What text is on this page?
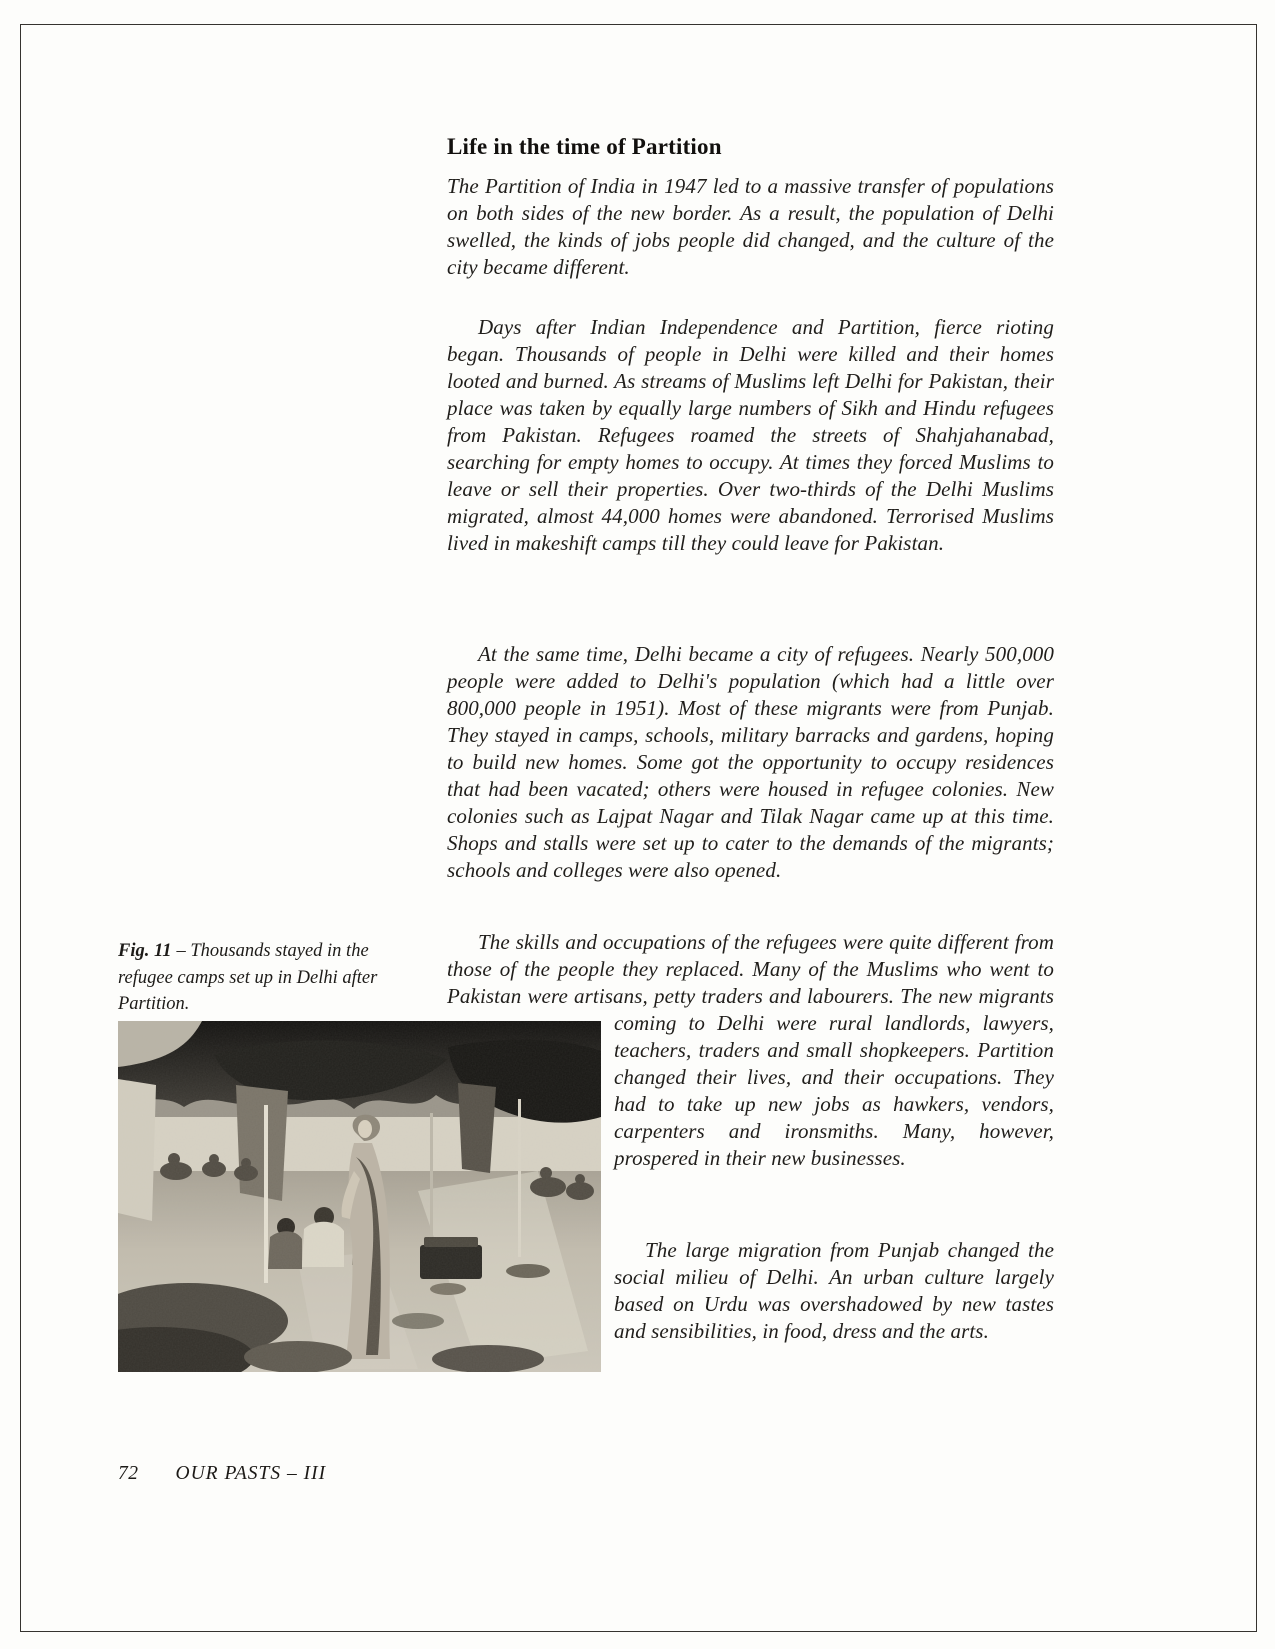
Life in the time of Partition

The Partition of India in 1947 led to a massive transfer of populations on both sides of the new border. As a result, the population of Delhi swelled, the kinds of jobs people did changed, and the culture of the city became different.

Days after Indian Independence and Partition, fierce rioting began. Thousands of people in Delhi were killed and their homes looted and burned. As streams of Muslims left Delhi for Pakistan, their place was taken by equally large numbers of Sikh and Hindu refugees from Pakistan. Refugees roamed the streets of Shahjahanabad, searching for empty homes to occupy. At times they forced Muslims to leave or sell their properties. Over two-thirds of the Delhi Muslims migrated, almost 44,000 homes were abandoned. Terrorised Muslims lived in makeshift camps till they could leave for Pakistan.

At the same time, Delhi became a city of refugees. Nearly 500,000 people were added to Delhi's population (which had a little over 800,000 people in 1951). Most of these migrants were from Punjab. They stayed in camps, schools, military barracks and gardens, hoping to build new homes. Some got the opportunity to occupy residences that had been vacated; others were housed in refugee colonies. New colonies such as Lajpat Nagar and Tilak Nagar came up at this time. Shops and stalls were set up to cater to the demands of the migrants; schools and colleges were also opened.

The skills and occupations of the refugees were quite different from those of the people they replaced. Many of the Muslims who went to Pakistan were artisans, petty traders and labourers. The new migrants coming to Delhi were rural landlords, lawyers, teachers, traders and small shopkeepers. Partition changed their lives, and their occupations. They had to take up new jobs as hawkers, vendors, carpenters and ironsmiths. Many, however, prospered in their new businesses.

The large migration from Punjab changed the social milieu of Delhi. An urban culture largely based on Urdu was overshadowed by new tastes and sensibilities, in food, dress and the arts.

Fig. 11 – Thousands stayed in the refugee camps set up in Delhi after Partition.
72 OUR PASTS – III
